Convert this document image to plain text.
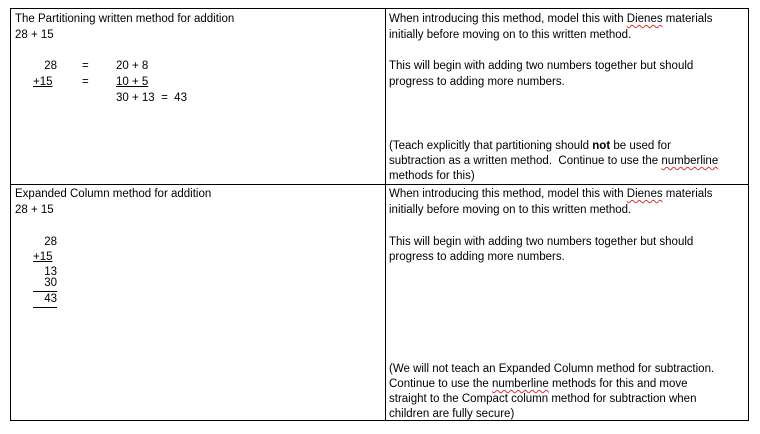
The Partitioning written method for addition
28 + 15
28
+15
=
=
20 + 8
10 + 5
30 + 13  =  43
When introducing this method, model this with Dienes materials
initially before moving on to this written method.
This will begin with adding two numbers together but should
progress to adding more numbers.
(Teach explicitly that partitioning should not be used for
subtraction as a written method.  Continue to use the numberline
methods for this)
Expanded Column method for addition
28 + 15
28
+15
13
30
43
When introducing this method, model this with Dienes materials
initially before moving on to this written method.
This will begin with adding two numbers together but should
progress to adding more numbers.
(We will not teach an Expanded Column method for subtraction.
Continue to use the numberline methods for this and move
straight to the Compact column method for subtraction when
children are fully secure)
